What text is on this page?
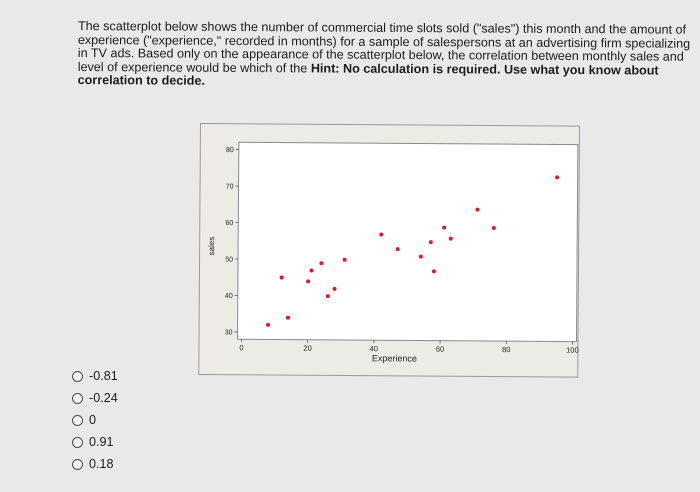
The scatterplot below shows the number of commercial time slots sold ("sales") this month and the amount of experience ("experience," recorded in months) for a sample of salespersons at an advertising firm specializing in TV ads. Based only on the appearance of the scatterplot below, the correlation between monthly sales and level of experience would be which of the Hint: No calculation is required. Use what you know about correlation to decide.
0	20	40	60	80	100
30
40
50
60
70
80
Experience
sales
-0.81
-0.24
0
0.91
0.18
